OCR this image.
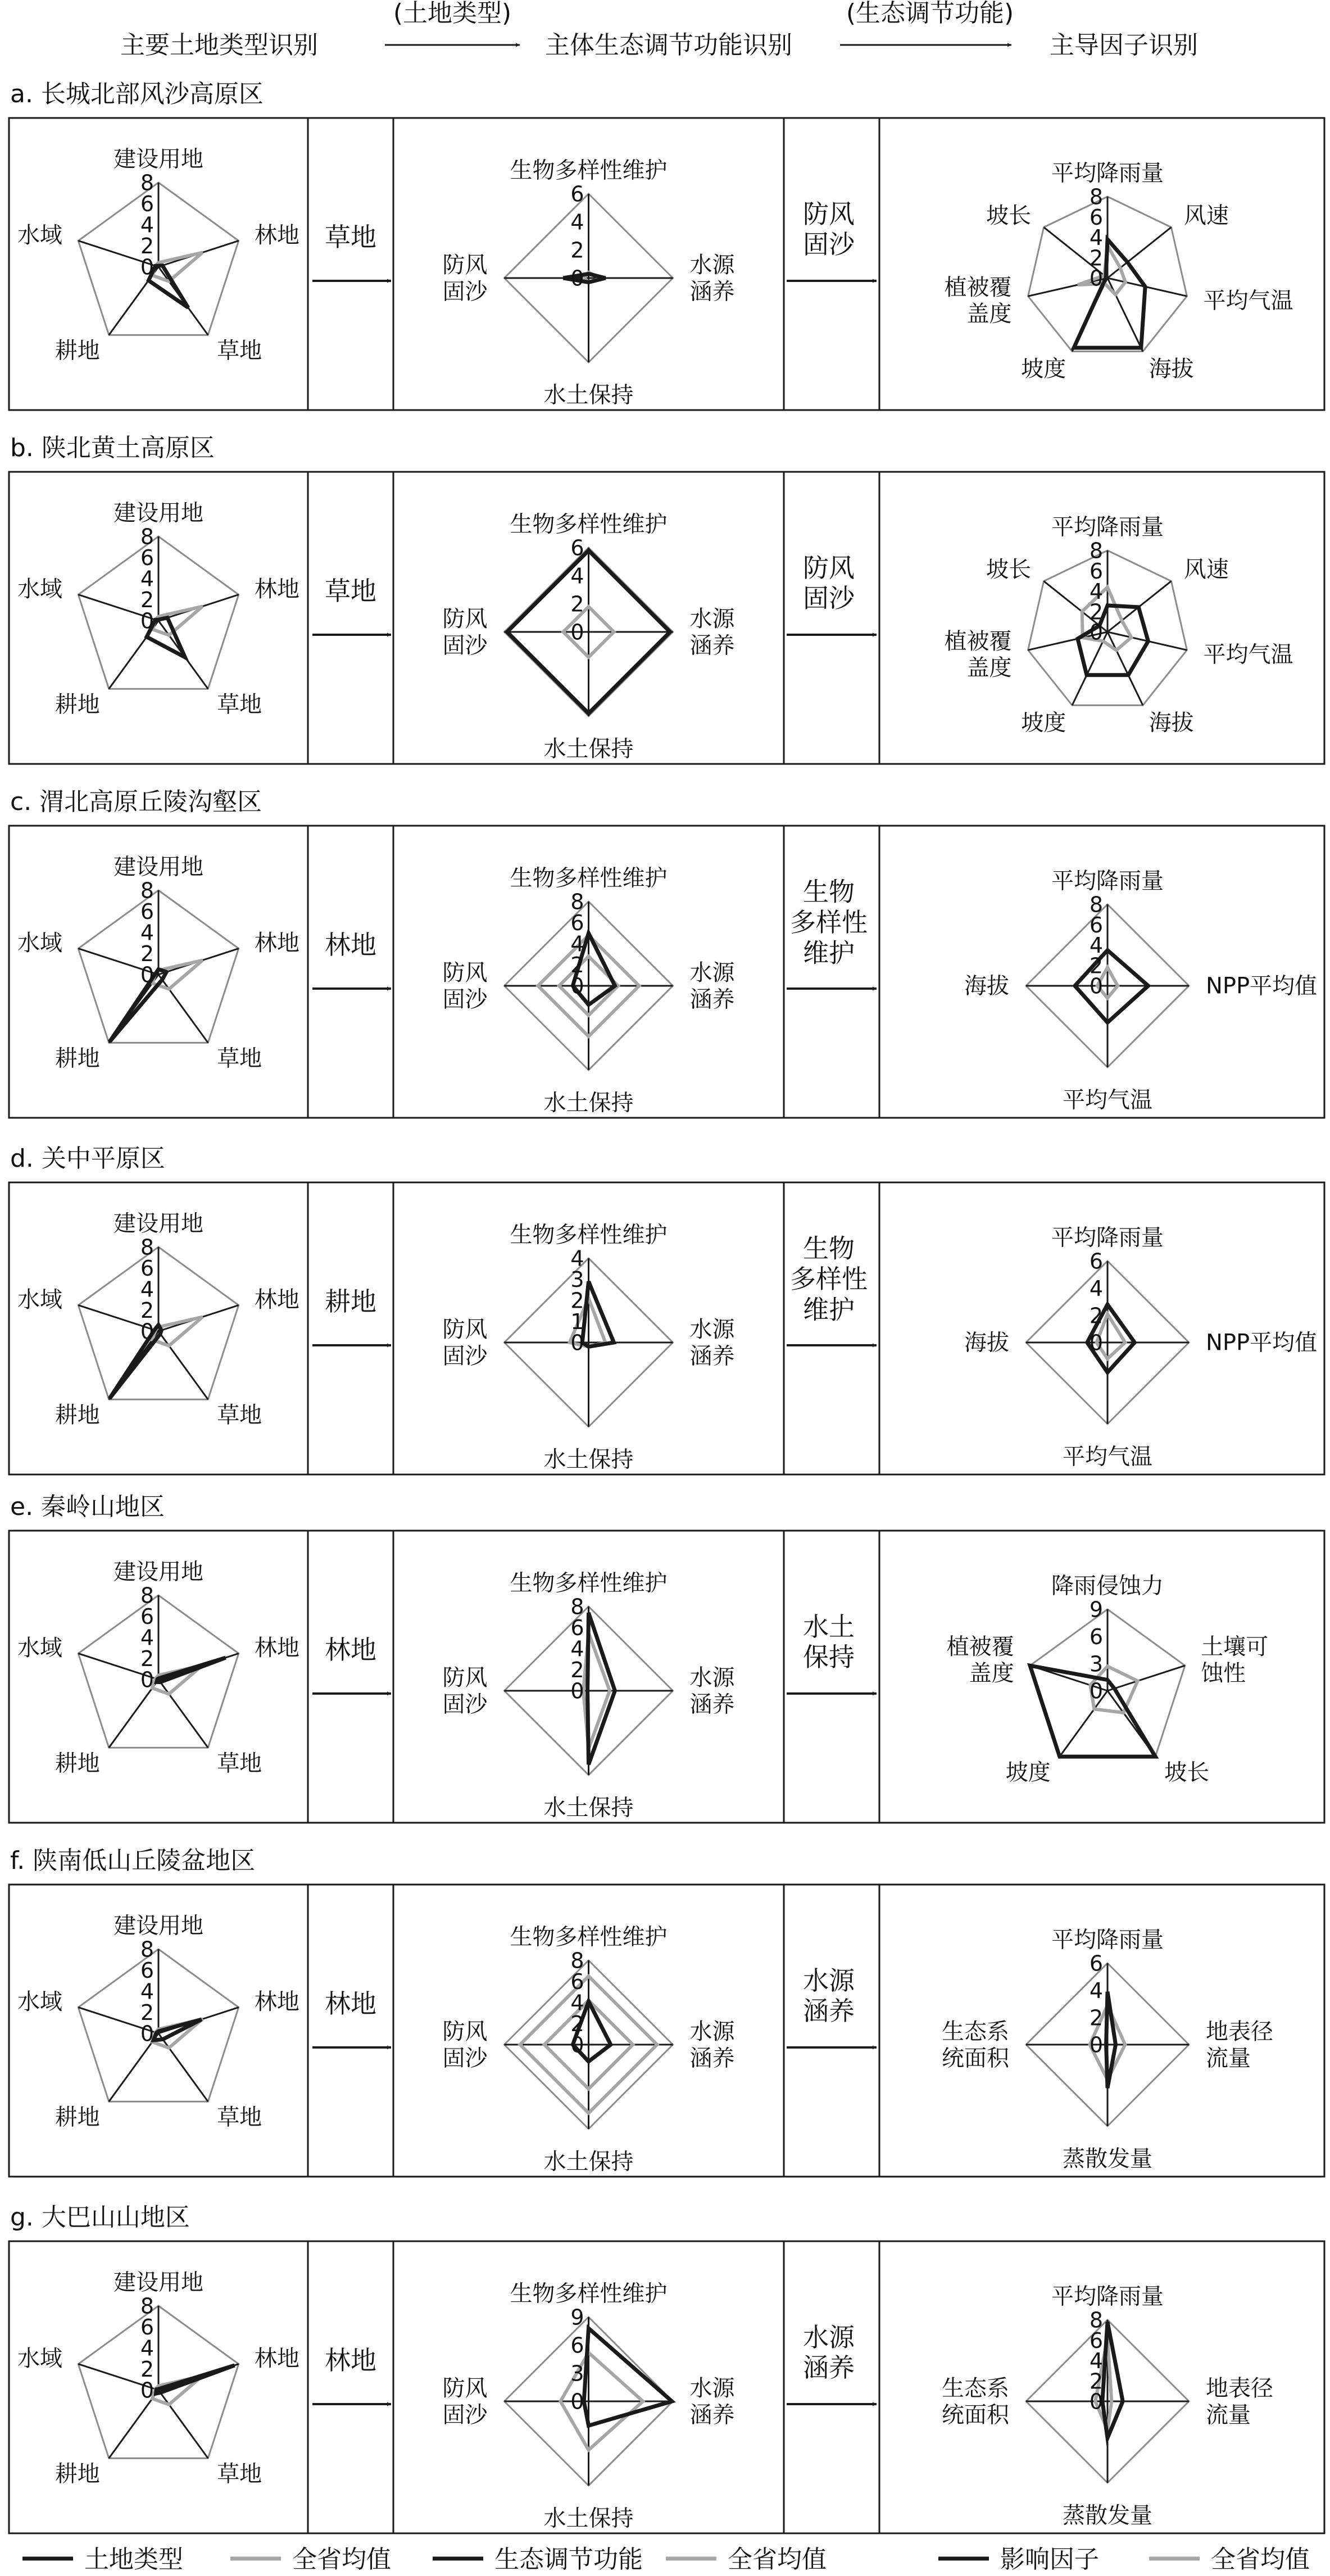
主要土地类型识别
(土地类型)
主体生态调节功能识别
(生态调节功能)
主导因子识别
a. 长城北部风沙高原区
草地
防风固沙
0
2
4
6
8
建设用地
林地
草地
耕地
水域
0
2
4
6
生物多样性维护
水源涵养
水土保持
防风固沙
0
2
4
6
8
平均降雨量
风速
平均气温
海拔
坡度
植被覆盖度
坡长
b. 陕北黄土高原区
草地
防风固沙
0
2
4
6
8
建设用地
林地
草地
耕地
水域
0
2
4
6
生物多样性维护
水源涵养
水土保持
防风固沙
0
2
4
6
8
平均降雨量
风速
平均气温
海拔
坡度
植被覆盖度
坡长
c. 渭北高原丘陵沟壑区
林地
生物多样性维护
0
2
4
6
8
建设用地
林地
草地
耕地
水域
0
2
4
6
8
生物多样性维护
水源涵养
水土保持
防风固沙
0
2
4
6
8
平均降雨量
NPP平均值
平均气温
海拔
d. 关中平原区
耕地
生物多样性维护
0
2
4
6
8
建设用地
林地
草地
耕地
水域
0
1
2
3
4
生物多样性维护
水源涵养
水土保持
防风固沙
0
2
4
6
平均降雨量
NPP平均值
平均气温
海拔
e. 秦岭山地区
林地
水土保持
0
2
4
6
8
建设用地
林地
草地
耕地
水域
0
2
4
6
8
生物多样性维护
水源涵养
水土保持
防风固沙
0
3
6
9
降雨侵蚀力
土壤可蚀性
坡长
坡度
植被覆盖度
f. 陕南低山丘陵盆地区
林地
水源涵养
0
2
4
6
8
建设用地
林地
草地
耕地
水域
0
2
4
6
8
生物多样性维护
水源涵养
水土保持
防风固沙
0
2
4
6
平均降雨量
地表径流量
蒸散发量
生态系统面积
g. 大巴山山地区
林地
水源涵养
0
2
4
6
8
建设用地
林地
草地
耕地
水域
0
3
6
9
生物多样性维护
水源涵养
水土保持
防风固沙
0
2
4
6
8
平均降雨量
地表径流量
蒸散发量
生态系统面积
土地类型	全省均值	生态调节功能	全省均值	影响因子	全省均值
